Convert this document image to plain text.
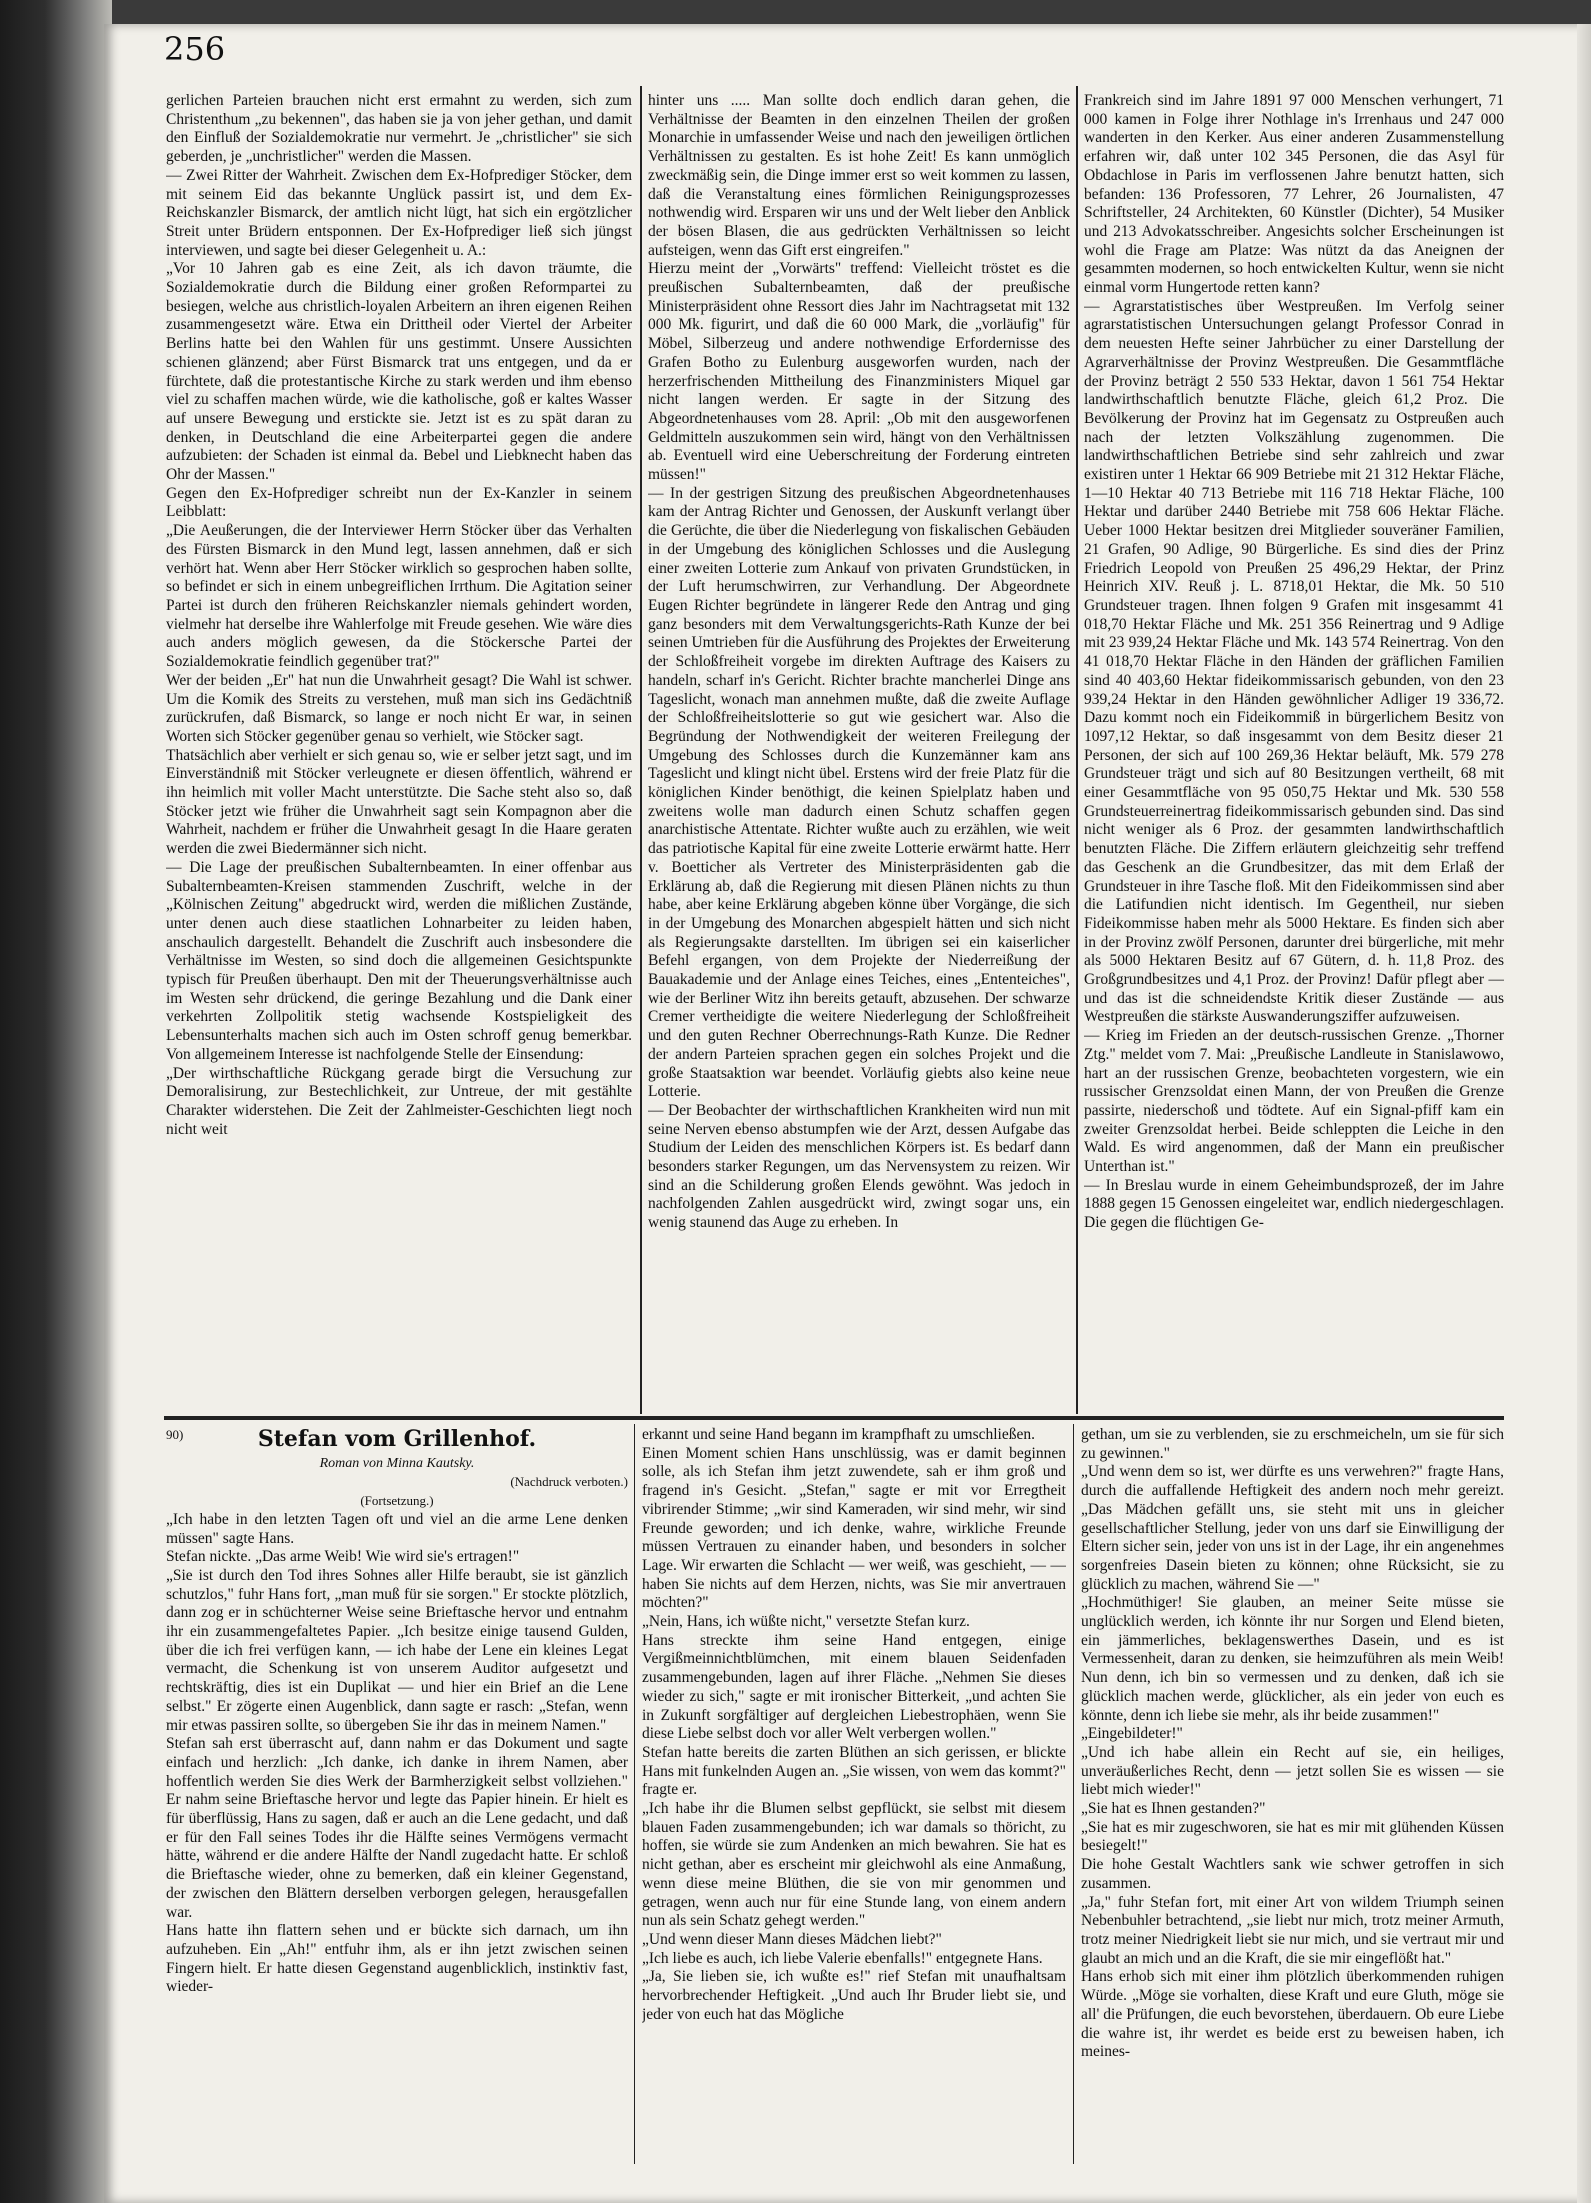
256

gerlichen Parteien brauchen nicht erst ermahnt zu werden, sich zum Christenthum „zu bekennen", das haben sie ja von jeher gethan, und damit den Einfluß der Sozialdemokratie nur vermehrt. Je „christlicher" sie sich geberden, je „unchristlicher" werden die Massen.

— Zwei Ritter der Wahrheit. Zwischen dem Ex-Hofprediger Stöcker, dem mit seinem Eid das bekannte Unglück passirt ist, und dem Ex-Reichskanzler Bismarck, der amtlich nicht lügt, hat sich ein ergötzlicher Streit unter Brüdern entsponnen. Der Ex-Hofprediger ließ sich jüngst interviewen, und sagte bei dieser Gelegenheit u. A.:

„Vor 10 Jahren gab es eine Zeit, als ich davon träumte, die Sozialdemokratie durch die Bildung einer großen Reformpartei zu besiegen, welche aus christlich-loyalen Arbeitern an ihren eigenen Reihen zusammengesetzt wäre. Etwa ein Drittheil oder Viertel der Arbeiter Berlins hatte bei den Wahlen für uns gestimmt. Unsere Aussichten schienen glänzend; aber Fürst Bismarck trat uns entgegen, und da er fürchtete, daß die protestantische Kirche zu stark werden und ihm ebenso viel zu schaffen machen würde, wie die katholische, goß er kaltes Wasser auf unsere Bewegung und erstickte sie. Jetzt ist es zu spät daran zu denken, in Deutschland die eine Arbeiterpartei gegen die andere aufzubieten: der Schaden ist einmal da. Bebel und Liebknecht haben das Ohr der Massen."

Gegen den Ex-Hofprediger schreibt nun der Ex-Kanzler in seinem Leibblatt:

„Die Aeußerungen, die der Interviewer Herrn Stöcker über das Verhalten des Fürsten Bismarck in den Mund legt, lassen annehmen, daß er sich verhört hat. Wenn aber Herr Stöcker wirklich so gesprochen haben sollte, so befindet er sich in einem unbegreiflichen Irrthum. Die Agitation seiner Partei ist durch den früheren Reichskanzler niemals gehindert worden, vielmehr hat derselbe ihre Wahlerfolge mit Freude gesehen. Wie wäre dies auch anders möglich gewesen, da die Stöckersche Partei der Sozialdemokratie feindlich gegenüber trat?"

Wer der beiden „Er" hat nun die Unwahrheit gesagt? Die Wahl ist schwer. Um die Komik des Streits zu verstehen, muß man sich ins Gedächtniß zurückrufen, daß Bismarck, so lange er noch nicht Er war, in seinen Worten sich Stöcker gegenüber genau so verhielt, wie Stöcker sagt.

Thatsächlich aber verhielt er sich genau so, wie er selber jetzt sagt, und im Einverständniß mit Stöcker verleugnete er diesen öffentlich, während er ihn heimlich mit voller Macht unterstützte. Die Sache steht also so, daß Stöcker jetzt wie früher die Unwahrheit sagt sein Kompagnon aber die Wahrheit, nachdem er früher die Unwahrheit gesagt In die Haare geraten werden die zwei Biedermänner sich nicht.

— Die Lage der preußischen Subalternbeamten. In einer offenbar aus Subalternbeamten-Kreisen stammenden Zuschrift, welche in der „Kölnischen Zeitung" abgedruckt wird, werden die mißlichen Zustände, unter denen auch diese staatlichen Lohnarbeiter zu leiden haben, anschaulich dargestellt. Behandelt die Zuschrift auch insbesondere die Verhältnisse im Westen, so sind doch die allgemeinen Gesichtspunkte typisch für Preußen überhaupt. Den mit der Theuerungsverhältnisse auch im Westen sehr drückend, die geringe Bezahlung und die Dank einer verkehrten Zollpolitik stetig wachsende Kostspieligkeit des Lebensunterhalts machen sich auch im Osten schroff genug bemerkbar. Von allgemeinem Interesse ist nachfolgende Stelle der Einsendung:

„Der wirthschaftliche Rückgang gerade birgt die Versuchung zur Demoralisirung, zur Bestechlichkeit, zur Untreue, der mit gestählte Charakter widerstehen. Die Zeit der Zahlmeister-Geschichten liegt noch nicht weit

hinter uns ..... Man sollte doch endlich daran gehen, die Verhältnisse der Beamten in den einzelnen Theilen der großen Monarchie in umfassender Weise und nach den jeweiligen örtlichen Verhältnissen zu gestalten. Es ist hohe Zeit! Es kann unmöglich zweckmäßig sein, die Dinge immer erst so weit kommen zu lassen, daß die Veranstaltung eines förmlichen Reinigungsprozesses nothwendig wird. Ersparen wir uns und der Welt lieber den Anblick der bösen Blasen, die aus gedrückten Verhältnissen so leicht aufsteigen, wenn das Gift erst eingreifen."

Hierzu meint der „Vorwärts" treffend: Vielleicht tröstet es die preußischen Subalternbeamten, daß der preußische Ministerpräsident ohne Ressort dies Jahr im Nachtragsetat mit 132 000 Mk. figurirt, und daß die 60 000 Mark, die „vorläufig" für Möbel, Silberzeug und andere nothwendige Erfordernisse des Grafen Botho zu Eulenburg ausgeworfen wurden, nach der herzerfrischenden Mittheilung des Finanzministers Miquel gar nicht langen werden. Er sagte in der Sitzung des Abgeordnetenhauses vom 28. April: „Ob mit den ausgeworfenen Geldmitteln auszukommen sein wird, hängt von den Verhältnissen ab. Eventuell wird eine Ueberschreitung der Forderung eintreten müssen!"

— In der gestrigen Sitzung des preußischen Abgeordnetenhauses kam der Antrag Richter und Genossen, der Auskunft verlangt über die Gerüchte, die über die Niederlegung von fiskalischen Gebäuden in der Umgebung des königlichen Schlosses und die Auslegung einer zweiten Lotterie zum Ankauf von privaten Grundstücken, in der Luft herumschwirren, zur Verhandlung. Der Abgeordnete Eugen Richter begründete in längerer Rede den Antrag und ging ganz besonders mit dem Verwaltungsgerichts-Rath Kunze der bei seinen Umtrieben für die Ausführung des Projektes der Erweiterung der Schloßfreiheit vorgebe im direkten Auftrage des Kaisers zu handeln, scharf in's Gericht. Richter brachte mancherlei Dinge ans Tageslicht, wonach man annehmen mußte, daß die zweite Auflage der Schloßfreiheitslotterie so gut wie gesichert war. Also die Begründung der Nothwendigkeit der weiteren Freilegung der Umgebung des Schlosses durch die Kunzemänner kam ans Tageslicht und klingt nicht übel. Erstens wird der freie Platz für die königlichen Kinder benöthigt, die keinen Spielplatz haben und zweitens wolle man dadurch einen Schutz schaffen gegen anarchistische Attentate. Richter wußte auch zu erzählen, wie weit das patriotische Kapital für eine zweite Lotterie erwärmt hatte. Herr v. Boetticher als Vertreter des Ministerpräsidenten gab die Erklärung ab, daß die Regierung mit diesen Plänen nichts zu thun habe, aber keine Erklärung abgeben könne über Vorgänge, die sich in der Umgebung des Monarchen abgespielt hätten und sich nicht als Regierungsakte darstellten. Im übrigen sei ein kaiserlicher Befehl ergangen, von dem Projekte der Niederreißung der Bauakademie und der Anlage eines Teiches, eines „Ententeiches", wie der Berliner Witz ihn bereits getauft, abzusehen. Der schwarze Cremer vertheidigte die weitere Niederlegung der Schloßfreiheit und den guten Rechner Oberrechnungs-Rath Kunze. Die Redner der andern Parteien sprachen gegen ein solches Projekt und die große Staatsaktion war beendet. Vorläufig giebts also keine neue Lotterie.

— Der Beobachter der wirthschaftlichen Krankheiten wird nun mit seine Nerven ebenso abstumpfen wie der Arzt, dessen Aufgabe das Studium der Leiden des menschlichen Körpers ist. Es bedarf dann besonders starker Regungen, um das Nervensystem zu reizen. Wir sind an die Schilderung großen Elends gewöhnt. Was jedoch in nachfolgenden Zahlen ausgedrückt wird, zwingt sogar uns, ein wenig staunend das Auge zu erheben. In

Frankreich sind im Jahre 1891 97 000 Menschen verhungert, 71 000 kamen in Folge ihrer Nothlage in's Irrenhaus und 247 000 wanderten in den Kerker. Aus einer anderen Zusammenstellung erfahren wir, daß unter 102 345 Personen, die das Asyl für Obdachlose in Paris im verflossenen Jahre benutzt hatten, sich befanden: 136 Professoren, 77 Lehrer, 26 Journalisten, 47 Schriftsteller, 24 Architekten, 60 Künstler (Dichter), 54 Musiker und 213 Advokatsschreiber. Angesichts solcher Erscheinungen ist wohl die Frage am Platze: Was nützt da das Aneignen der gesammten modernen, so hoch entwickelten Kultur, wenn sie nicht einmal vorm Hungertode retten kann?

— Agrarstatistisches über Westpreußen. Im Verfolg seiner agrarstatistischen Untersuchungen gelangt Professor Conrad in dem neuesten Hefte seiner Jahrbücher zu einer Darstellung der Agrarverhältnisse der Provinz Westpreußen. Die Gesammtfläche der Provinz beträgt 2 550 533 Hektar, davon 1 561 754 Hektar landwirthschaftlich benutzte Fläche, gleich 61,2 Proz. Die Bevölkerung der Provinz hat im Gegensatz zu Ostpreußen auch nach der letzten Volkszählung zugenommen. Die landwirthschaftlichen Betriebe sind sehr zahlreich und zwar existiren unter 1 Hektar 66 909 Betriebe mit 21 312 Hektar Fläche, 1—10 Hektar 40 713 Betriebe mit 116 718 Hektar Fläche, 100 Hektar und darüber 2440 Betriebe mit 758 606 Hektar Fläche. Ueber 1000 Hektar besitzen drei Mitglieder souveräner Familien, 21 Grafen, 90 Adlige, 90 Bürgerliche. Es sind dies der Prinz Friedrich Leopold von Preußen 25 496,29 Hektar, der Prinz Heinrich XIV. Reuß j. L. 8718,01 Hektar, die Mk. 50 510 Grundsteuer tragen. Ihnen folgen 9 Grafen mit insgesammt 41 018,70 Hektar Fläche und Mk. 251 356 Reinertrag und 9 Adlige mit 23 939,24 Hektar Fläche und Mk. 143 574 Reinertrag. Von den 41 018,70 Hektar Fläche in den Händen der gräflichen Familien sind 40 403,60 Hektar fideikommissarisch gebunden, von den 23 939,24 Hektar in den Händen gewöhnlicher Adliger 19 336,72. Dazu kommt noch ein Fideikommiß in bürgerlichem Besitz von 1097,12 Hektar, so daß insgesammt von dem Besitz dieser 21 Personen, der sich auf 100 269,36 Hektar beläuft, Mk. 579 278 Grundsteuer trägt und sich auf 80 Besitzungen vertheilt, 68 mit einer Gesammtfläche von 95 050,75 Hektar und Mk. 530 558 Grundsteuerreinertrag fideikommissarisch gebunden sind. Das sind nicht weniger als 6 Proz. der gesammten landwirthschaftlich benutzten Fläche. Die Ziffern erläutern gleichzeitig sehr treffend das Geschenk an die Grundbesitzer, das mit dem Erlaß der Grundsteuer in ihre Tasche floß. Mit den Fideikommissen sind aber die Latifundien nicht identisch. Im Gegentheil, nur sieben Fideikommisse haben mehr als 5000 Hektare. Es finden sich aber in der Provinz zwölf Personen, darunter drei bürgerliche, mit mehr als 5000 Hektaren Besitz auf 67 Gütern, d. h. 11,8 Proz. des Großgrundbesitzes und 4,1 Proz. der Provinz! Dafür pflegt aber — und das ist die schneidendste Kritik dieser Zustände — aus Westpreußen die stärkste Auswanderungsziffer aufzuweisen.

— Krieg im Frieden an der deutsch-russischen Grenze. „Thorner Ztg." meldet vom 7. Mai: „Preußische Landleute in Stanislawowo, hart an der russischen Grenze, beobachteten vorgestern, wie ein russischer Grenzsoldat einen Mann, der von Preußen die Grenze passirte, niederschoß und tödtete. Auf ein Signal-pfiff kam ein zweiter Grenzsoldat herbei. Beide schleppten die Leiche in den Wald. Es wird angenommen, daß der Mann ein preußischer Unterthan ist."

— In Breslau wurde in einem Geheimbundsprozeß, der im Jahre 1888 gegen 15 Genossen eingeleitet war, endlich niedergeschlagen. Die gegen die flüchtigen Ge-

90)	Stefan vom Grillenhof.

Roman von Minna Kautsky.

(Nachdruck verboten.)

(Fortsetzung.)

„Ich habe in den letzten Tagen oft und viel an die arme Lene denken müssen" sagte Hans.

Stefan nickte. „Das arme Weib! Wie wird sie's ertragen!"

„Sie ist durch den Tod ihres Sohnes aller Hilfe beraubt, sie ist gänzlich schutzlos," fuhr Hans fort, „man muß für sie sorgen." Er stockte plötzlich, dann zog er in schüchterner Weise seine Brieftasche hervor und entnahm ihr ein zusammengefaltetes Papier. „Ich besitze einige tausend Gulden, über die ich frei verfügen kann, — ich habe der Lene ein kleines Legat vermacht, die Schenkung ist von unserem Auditor aufgesetzt und rechtskräftig, dies ist ein Duplikat — und hier ein Brief an die Lene selbst." Er zögerte einen Augenblick, dann sagte er rasch: „Stefan, wenn mir etwas passiren sollte, so übergeben Sie ihr das in meinem Namen."

Stefan sah erst überrascht auf, dann nahm er das Dokument und sagte einfach und herzlich: „Ich danke, ich danke in ihrem Namen, aber hoffentlich werden Sie dies Werk der Barmherzigkeit selbst vollziehen." Er nahm seine Brieftasche hervor und legte das Papier hinein. Er hielt es für überflüssig, Hans zu sagen, daß er auch an die Lene gedacht, und daß er für den Fall seines Todes ihr die Hälfte seines Vermögens vermacht hätte, während er die andere Hälfte der Nandl zugedacht hatte. Er schloß die Brieftasche wieder, ohne zu bemerken, daß ein kleiner Gegenstand, der zwischen den Blättern derselben verborgen gelegen, herausgefallen war.

Hans hatte ihn flattern sehen und er bückte sich darnach, um ihn aufzuheben. Ein „Ah!" entfuhr ihm, als er ihn jetzt zwischen seinen Fingern hielt. Er hatte diesen Gegenstand augenblicklich, instinktiv fast, wieder-

erkannt und seine Hand begann im krampfhaft zu umschließen.

Einen Moment schien Hans unschlüssig, was er damit beginnen solle, als ich Stefan ihm jetzt zuwendete, sah er ihm groß und fragend in's Gesicht. „Stefan," sagte er mit vor Erregtheit vibrirender Stimme; „wir sind Kameraden, wir sind mehr, wir sind Freunde geworden; und ich denke, wahre, wirkliche Freunde müssen Vertrauen zu einander haben, und besonders in solcher Lage. Wir erwarten die Schlacht — wer weiß, was geschieht, — — haben Sie nichts auf dem Herzen, nichts, was Sie mir anvertrauen möchten?"

„Nein, Hans, ich wüßte nicht," versetzte Stefan kurz.

Hans streckte ihm seine Hand entgegen, einige Vergißmeinnichtblümchen, mit einem blauen Seidenfaden zusammengebunden, lagen auf ihrer Fläche. „Nehmen Sie dieses wieder zu sich," sagte er mit ironischer Bitterkeit, „und achten Sie in Zukunft sorgfältiger auf dergleichen Liebestrophäen, wenn Sie diese Liebe selbst doch vor aller Welt verbergen wollen."

Stefan hatte bereits die zarten Blüthen an sich gerissen, er blickte Hans mit funkelnden Augen an. „Sie wissen, von wem das kommt?" fragte er.

„Ich habe ihr die Blumen selbst gepflückt, sie selbst mit diesem blauen Faden zusammengebunden; ich war damals so thöricht, zu hoffen, sie würde sie zum Andenken an mich bewahren. Sie hat es nicht gethan, aber es erscheint mir gleichwohl als eine Anmaßung, wenn diese meine Blüthen, die sie von mir genommen und getragen, wenn auch nur für eine Stunde lang, von einem andern nun als sein Schatz gehegt werden."

„Und wenn dieser Mann dieses Mädchen liebt?"

„Ich liebe es auch, ich liebe Valerie ebenfalls!" entgegnete Hans.

„Ja, Sie lieben sie, ich wußte es!" rief Stefan mit unaufhaltsam hervorbrechender Heftigkeit. „Und auch Ihr Bruder liebt sie, und jeder von euch hat das Mögliche

gethan, um sie zu verblenden, sie zu erschmeicheln, um sie für sich zu gewinnen."

„Und wenn dem so ist, wer dürfte es uns verwehren?" fragte Hans, durch die auffallende Heftigkeit des andern noch mehr gereizt. „Das Mädchen gefällt uns, sie steht mit uns in gleicher gesellschaftlicher Stellung, jeder von uns darf sie Einwilligung der Eltern sicher sein, jeder von uns ist in der Lage, ihr ein angenehmes sorgenfreies Dasein bieten zu können; ohne Rücksicht, sie zu glücklich zu machen, während Sie —"

„Hochmüthiger! Sie glauben, an meiner Seite müsse sie unglücklich werden, ich könnte ihr nur Sorgen und Elend bieten, ein jämmerliches, beklagenswerthes Dasein, und es ist Vermessenheit, daran zu denken, sie heimzuführen als mein Weib! Nun denn, ich bin so vermessen und zu denken, daß ich sie glücklich machen werde, glücklicher, als ein jeder von euch es könnte, denn ich liebe sie mehr, als ihr beide zusammen!"

„Eingebildeter!"

„Und ich habe allein ein Recht auf sie, ein heiliges, unveräußerliches Recht, denn — jetzt sollen Sie es wissen — sie liebt mich wieder!"

„Sie hat es Ihnen gestanden?"

„Sie hat es mir zugeschworen, sie hat es mir mit glühenden Küssen besiegelt!"

Die hohe Gestalt Wachtlers sank wie schwer getroffen in sich zusammen.

„Ja," fuhr Stefan fort, mit einer Art von wildem Triumph seinen Nebenbuhler betrachtend, „sie liebt nur mich, trotz meiner Armuth, trotz meiner Niedrigkeit liebt sie nur mich, und sie vertraut mir und glaubt an mich und an die Kraft, die sie mir eingeflößt hat."

Hans erhob sich mit einer ihm plötzlich überkommenden ruhigen Würde. „Möge sie vorhalten, diese Kraft und eure Gluth, möge sie all' die Prüfungen, die euch bevorstehen, überdauern. Ob eure Liebe die wahre ist, ihr werdet es beide erst zu beweisen haben, ich meines-
